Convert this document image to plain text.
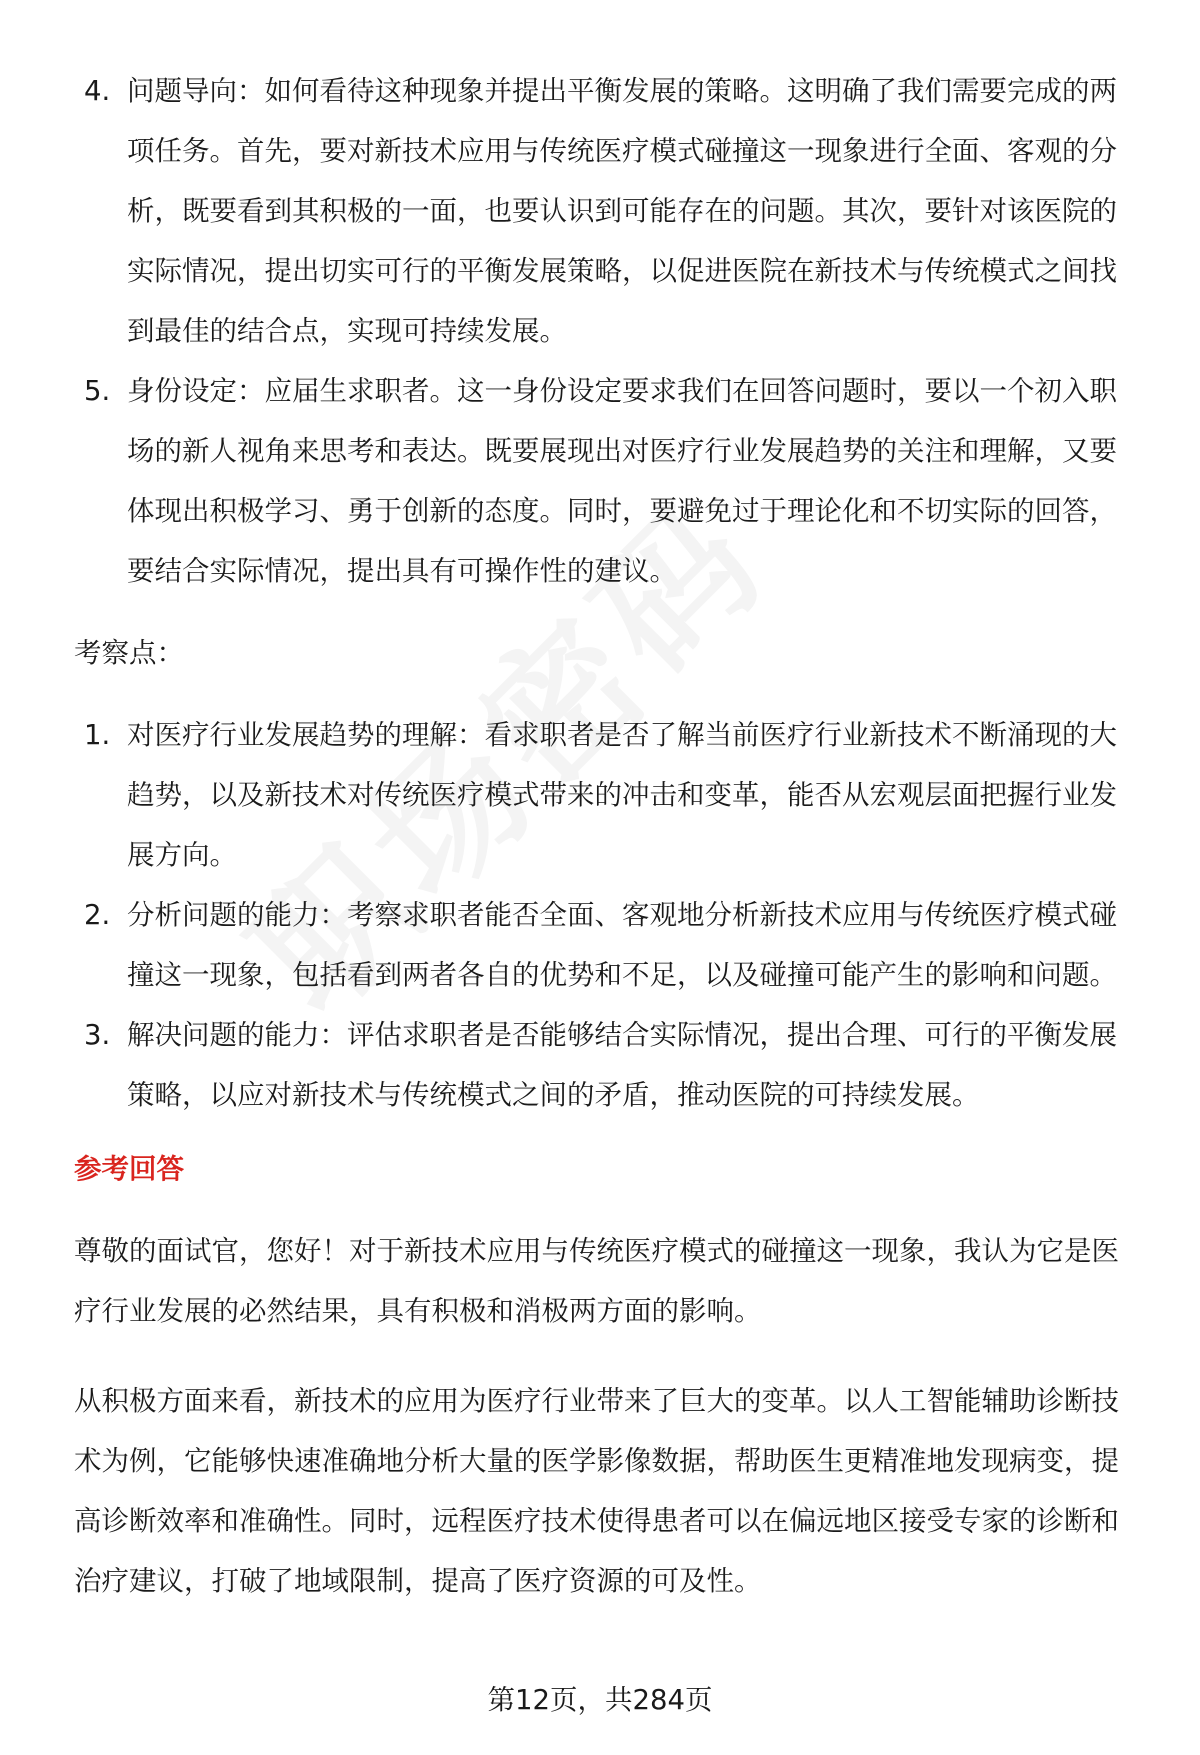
4. 问题导向：如何看待这种现象并提出平衡发展的策略。这明确了我们需要完成的两项任务。首先，要对新技术应用与传统医疗模式碰撞这一现象进行全面、客观的分析，既要看到其积极的一面，也要认识到可能存在的问题。其次，要针对该医院的实际情况，提出切实可行的平衡发展策略，以促进医院在新技术与传统模式之间找到最佳的结合点，实现可持续发展。
5. 身份设定：应届生求职者。这一身份设定要求我们在回答问题时，要以一个初入职场的新人视角来思考和表达。既要展现出对医疗行业发展趋势的关注和理解，又要体现出积极学习、勇于创新的态度。同时，要避免过于理论化和不切实际的回答，要结合实际情况，提出具有可操作性的建议。
考察点：
1. 对医疗行业发展趋势的理解：看求职者是否了解当前医疗行业新技术不断涌现的大趋势，以及新技术对传统医疗模式带来的冲击和变革，能否从宏观层面把握行业发展方向。
2. 分析问题的能力：考察求职者能否全面、客观地分析新技术应用与传统医疗模式碰撞这一现象，包括看到两者各自的优势和不足，以及碰撞可能产生的影响和问题。
3. 解决问题的能力：评估求职者是否能够结合实际情况，提出合理、可行的平衡发展策略，以应对新技术与传统模式之间的矛盾，推动医院的可持续发展。
参考回答

尊敬的面试官，您好！对于新技术应用与传统医疗模式的碰撞这一现象，我认为它是医疗行业发展的必然结果，具有积极和消极两方面的影响。

从积极方面来看，新技术的应用为医疗行业带来了巨大的变革。以人工智能辅助诊断技术为例，它能够快速准确地分析大量的医学影像数据，帮助医生更精准地发现病变，提高诊断效率和准确性。同时，远程医疗技术使得患者可以在偏远地区接受专家的诊断和治疗建议，打破了地域限制，提高了医疗资源的可及性。

第12页，共284页
